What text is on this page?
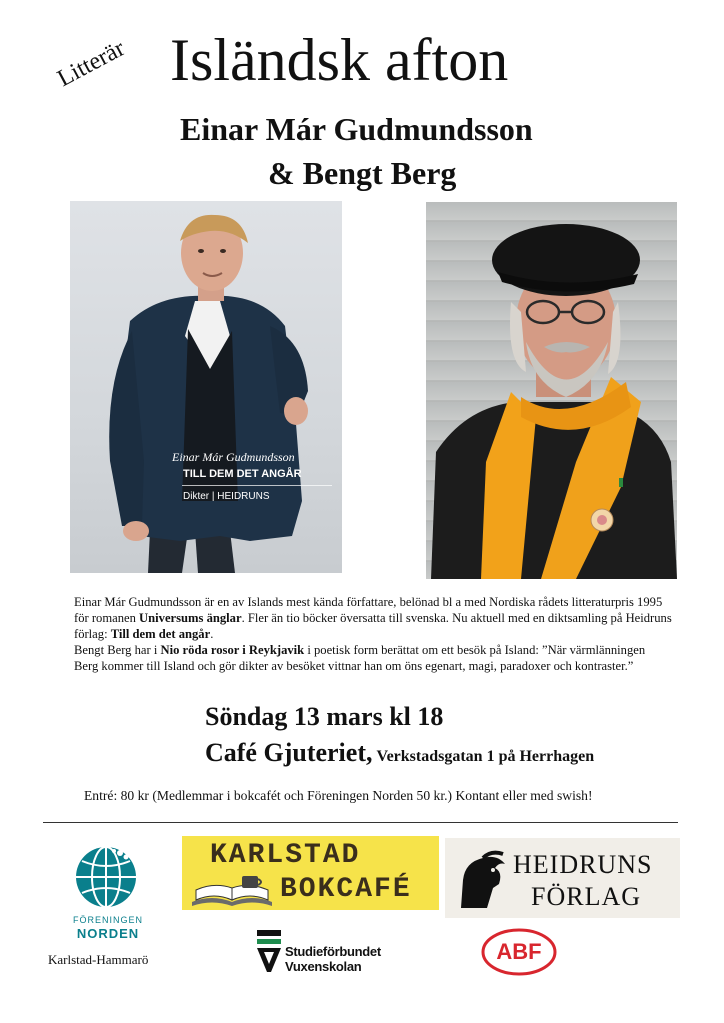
Litterär Isländsk afton
Einar Már Gudmundsson
& Bengt Berg
Einar Már Gudmundsson
TILL DEM DET ANGÅR
Dikter | HEIDRUNS

Einar Már Gudmundsson är en av Islands mest kända författare, belönad bl a med Nordiska rådets litteraturpris 1995 för romanen Universums änglar. Fler än tio böcker översatta till svenska. Nu aktuell med en diktsamling på Heidruns förlag: Till dem det angår.

Bengt Berg har i Nio röda rosor i Reykjavik i poetisk form berättat om ett besök på Island: ”När värmlänningen Berg kommer till Island och gör dikter av besöket vittnar han om öns egenart, magi, paradoxer och kontraster.”

Söndag 13 mars kl 18
Café Gjuteriet, Verkstadsgatan 1 på Herrhagen
Entré: 80 kr (Medlemmar i bokcafét och Föreningen Norden 50 kr.) Kontant eller med swish!
FÖRENINGEN
NORDEN
Karlstad-Hammarö
KARLSTAD
BOKCAFÉ
HEIDRUNS
FÖRLAG
Studieförbundet
Vuxenskolan
ABF
